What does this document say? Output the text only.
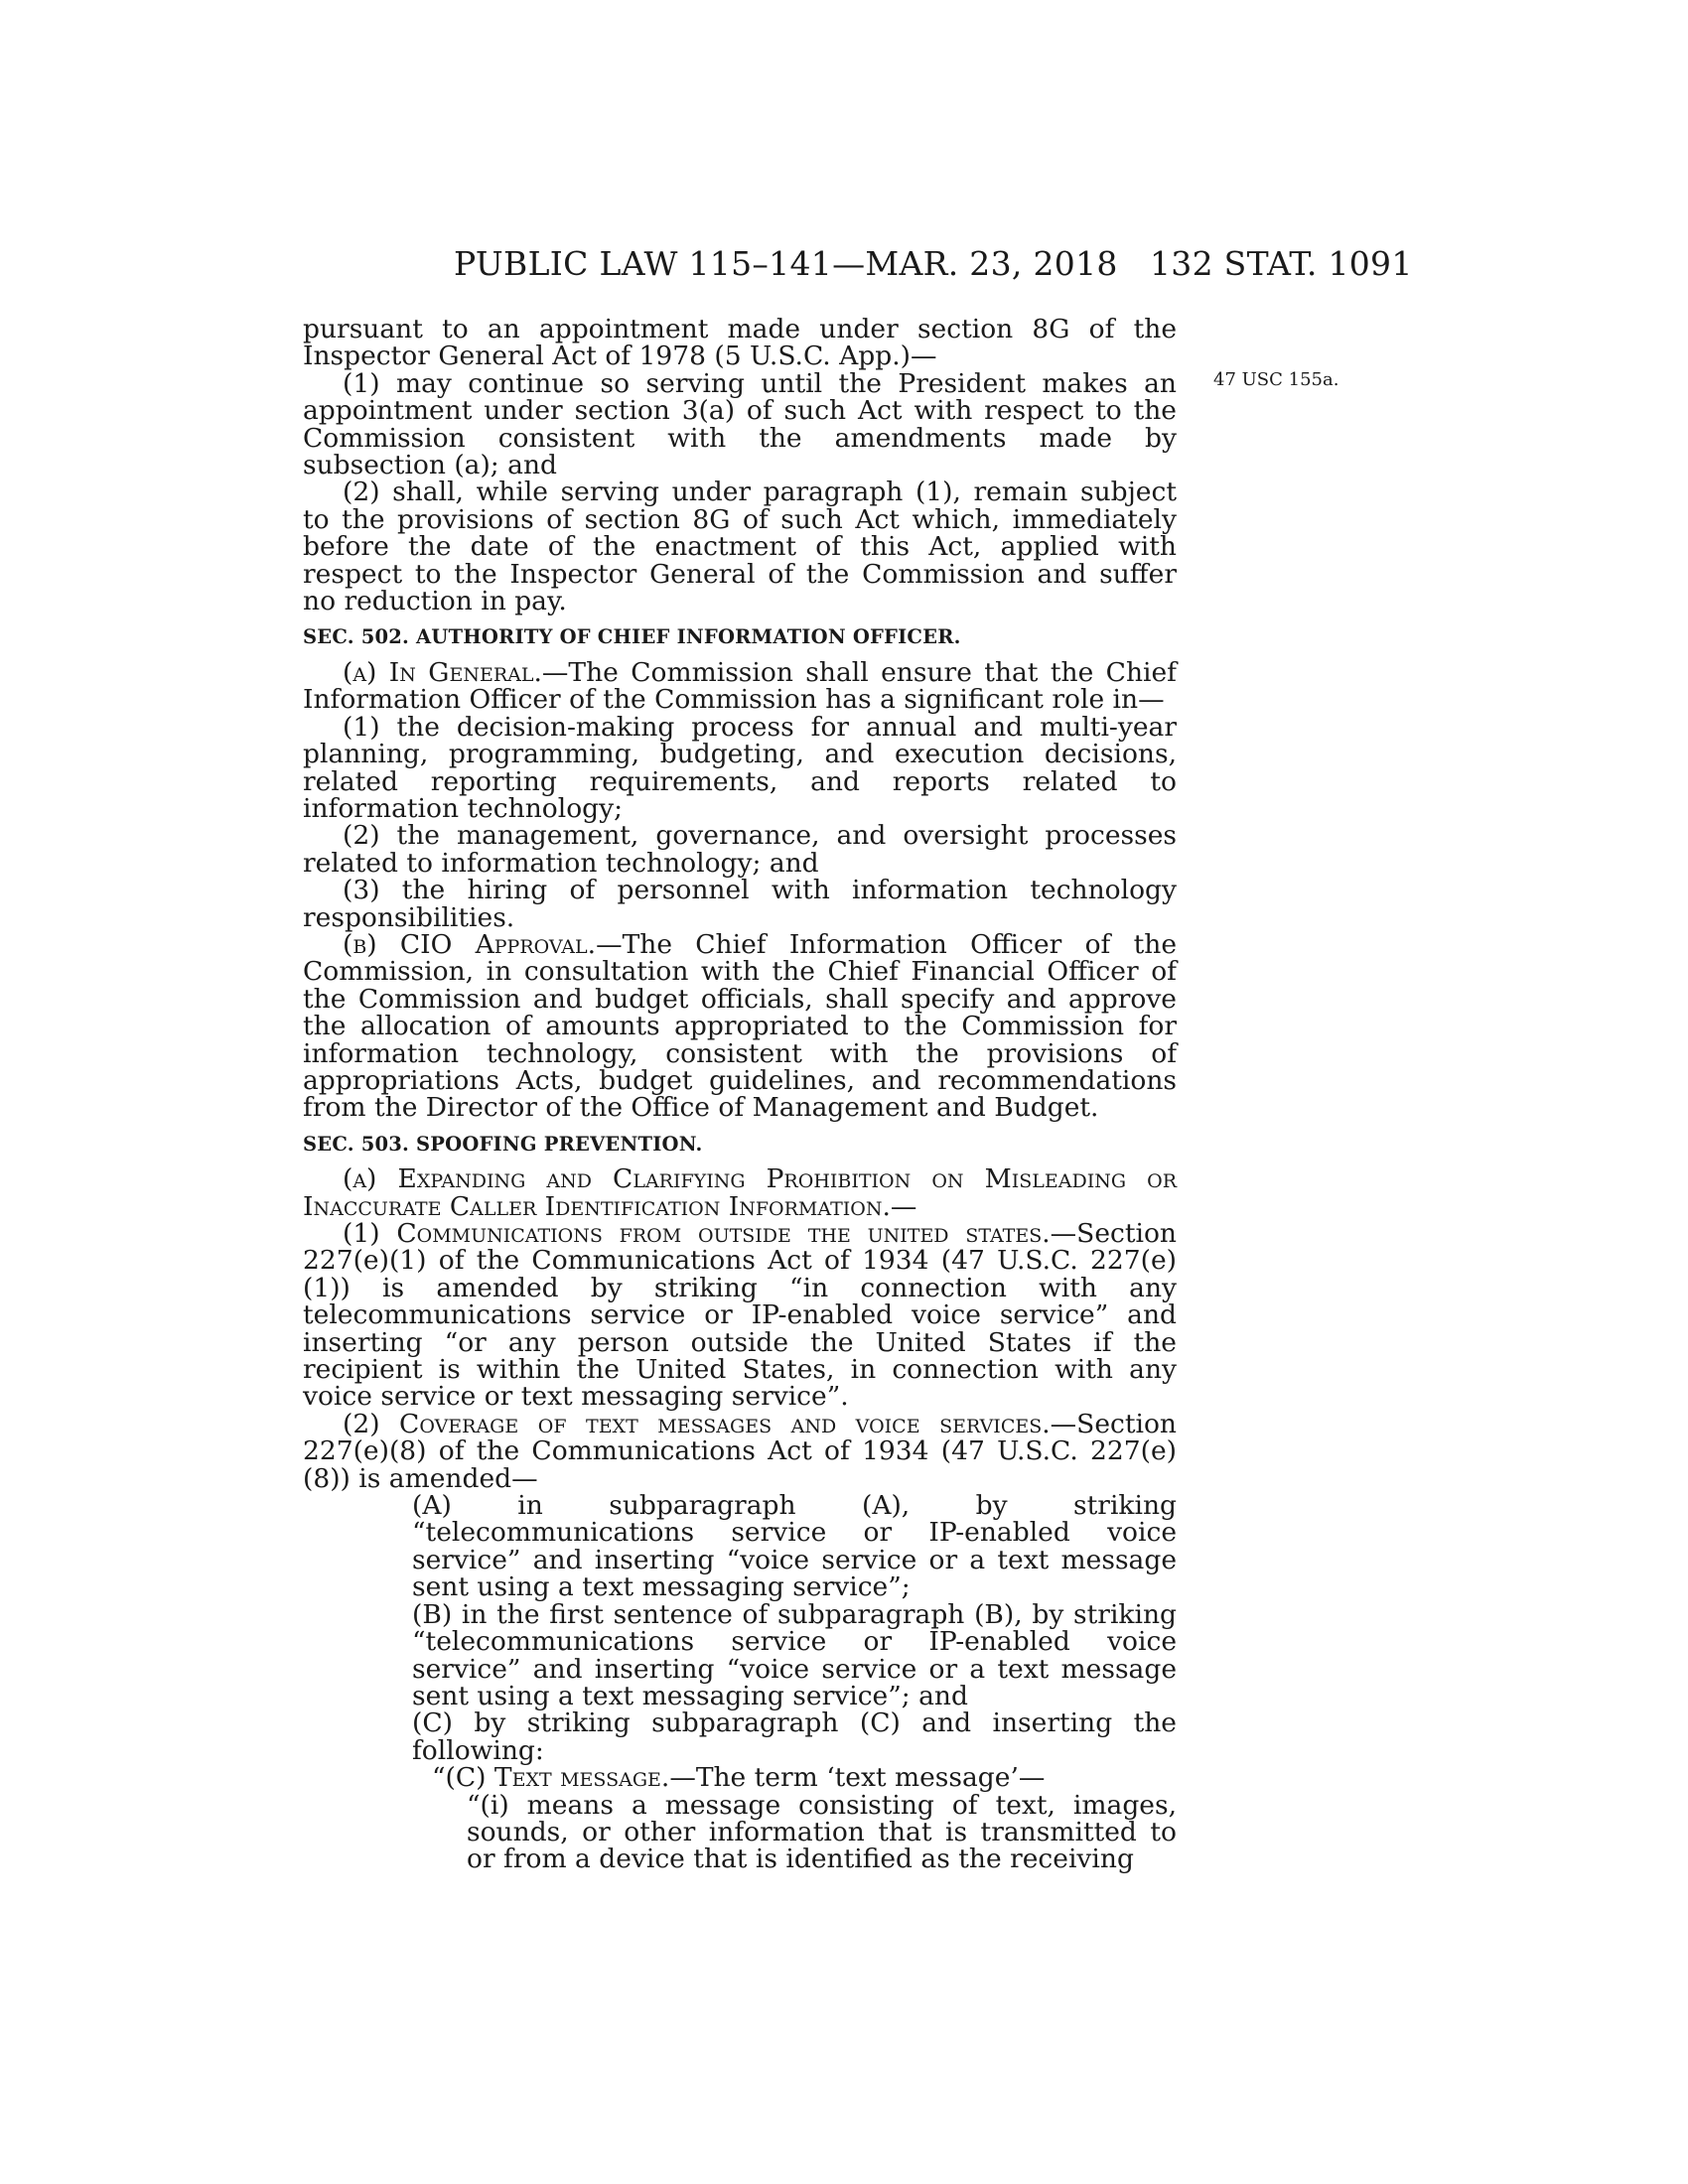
PUBLIC LAW 115–141—MAR. 23, 2018 132 STAT. 1091
47 USC 155a.

pursuant to an appointment made under section 8G of the Inspector General Act of 1978 (5 U.S.C. App.)—

(1) may continue so serving until the President makes an appointment under section 3(a) of such Act with respect to the Commission consistent with the amendments made by subsection (a); and

(2) shall, while serving under paragraph (1), remain subject to the provisions of section 8G of such Act which, immediately before the date of the enactment of this Act, applied with respect to the Inspector General of the Commission and suffer no reduction in pay.

SEC. 502. AUTHORITY OF CHIEF INFORMATION OFFICER.

(a) In General.—The Commission shall ensure that the Chief Information Officer of the Commission has a significant role in—

(1) the decision-making process for annual and multi-year planning, programming, budgeting, and execution decisions, related reporting requirements, and reports related to information technology;

(2) the management, governance, and oversight processes related to information technology; and

(3) the hiring of personnel with information technology responsibilities.

(b) CIO Approval.—The Chief Information Officer of the Commission, in consultation with the Chief Financial Officer of the Commission and budget officials, shall specify and approve the allocation of amounts appropriated to the Commission for information technology, consistent with the provisions of appropriations Acts, budget guidelines, and recommendations from the Director of the Office of Management and Budget.

SEC. 503. SPOOFING PREVENTION.

(a) Expanding and Clarifying Prohibition on Misleading or Inaccurate Caller Identification Information.—

(1) Communications from outside the united states.—Section 227(e)(1) of the Communications Act of 1934 (47 U.S.C. 227(e)(1)) is amended by striking “in connection with any telecommunications service or IP-enabled voice service” and inserting “or any person outside the United States if the recipient is within the United States, in connection with any voice service or text messaging service”.

(2) Coverage of text messages and voice services.—Section 227(e)(8) of the Communications Act of 1934 (47 U.S.C. 227(e)(8)) is amended—

(A) in subparagraph (A), by striking “telecommunications service or IP-enabled voice service” and inserting “voice service or a text message sent using a text messaging service”;

(B) in the first sentence of subparagraph (B), by striking “telecommunications service or IP-enabled voice service” and inserting “voice service or a text message sent using a text messaging service”; and

(C) by striking subparagraph (C) and inserting the following:

“(C) Text message.—The term ‘text message’—

“(i) means a message consisting of text, images, sounds, or other information that is transmitted to or from a device that is identified as the receiving
